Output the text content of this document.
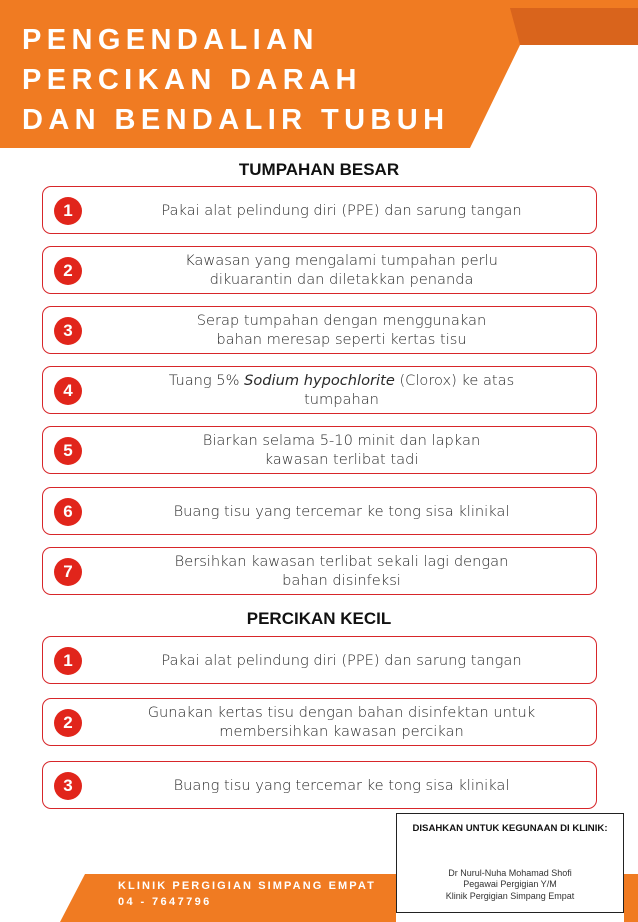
PENGENDALIAN
PERCIKAN DARAH
DAN BENDALIR TUBUH
TUMPAHAN BESAR
1	Pakai alat pelindung diri (PPE) dan sarung tangan
2
Kawasan yang mengalami tumpahan perlu
dikuarantin dan diletakkan penanda
3
Serap tumpahan dengan menggunakan
bahan meresap seperti kertas tisu
4
Tuang 5% Sodium hypochlorite (Clorox) ke atas
tumpahan
5
Biarkan selama 5-10 minit dan lapkan
kawasan terlibat tadi
6	Buang tisu yang tercemar ke tong sisa klinikal
7
Bersihkan kawasan terlibat sekali lagi dengan
bahan disinfeksi
PERCIKAN KECIL
1	Pakai alat pelindung diri (PPE) dan sarung tangan
2
Gunakan kertas tisu dengan bahan disinfektan untuk
membersihkan kawasan percikan
3	Buang tisu yang tercemar ke tong sisa klinikal
KLINIK PERGIGIAN SIMPANG EMPAT
04 - 7647796
DISAHKAN UNTUK KEGUNAAN DI KLINIK:
Dr Nurul-Nuha Mohamad Shofi
Pegawai Pergigian Y/M
Klinik Pergigian Simpang Empat
